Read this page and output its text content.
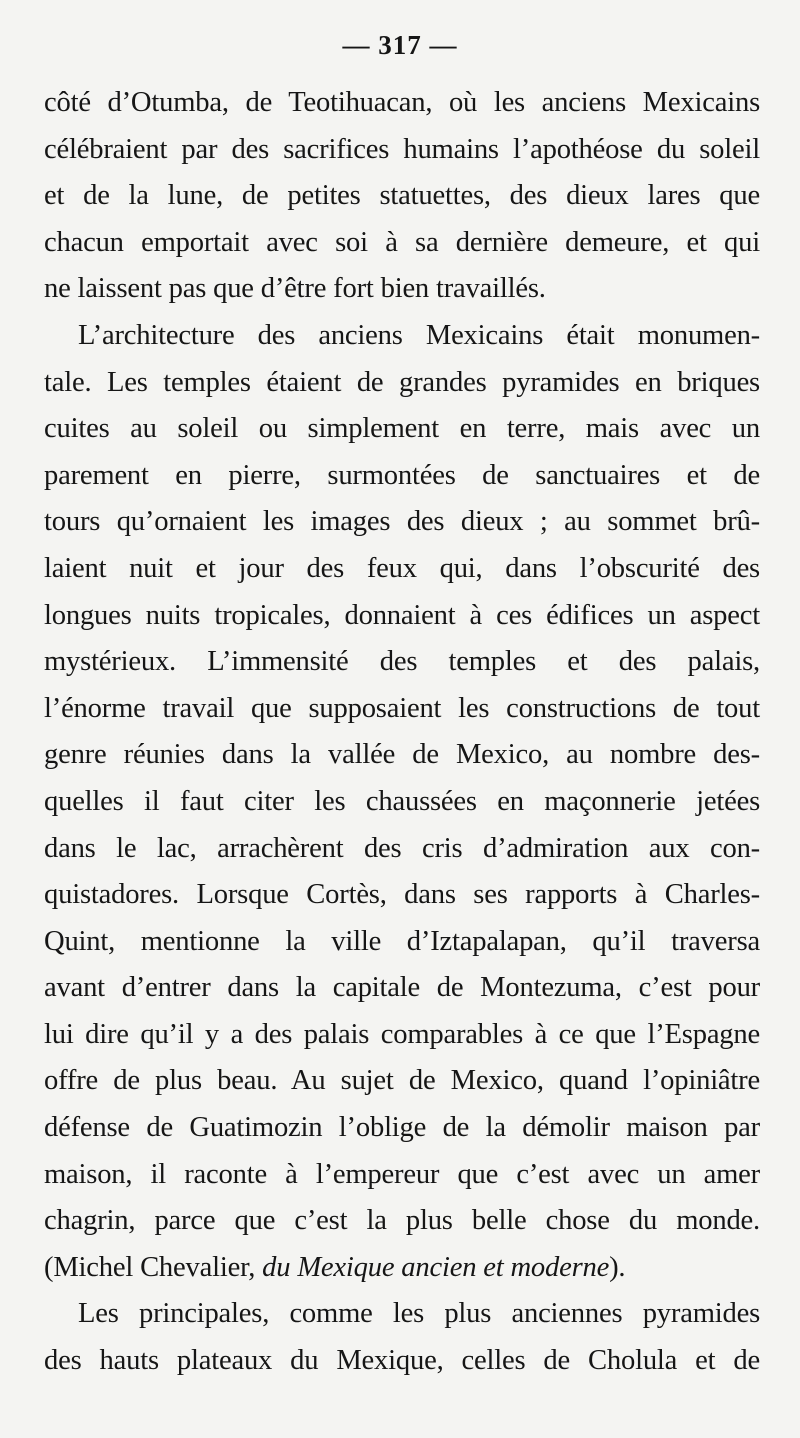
— 317 —
côté d’Otumba, de Teotihuacan, où les anciens Mexicains
célébraient par des sacrifices humains l’apothéose du soleil
et de la lune, de petites statuettes, des dieux lares que
chacun emportait avec soi à sa dernière demeure, et qui
ne laissent pas que d’être fort bien travaillés.
L’architecture des anciens Mexicains était monumen-
tale. Les temples étaient de grandes pyramides en briques
cuites au soleil ou simplement en terre, mais avec un
parement en pierre, surmontées de sanctuaires et de
tours qu’ornaient les images des dieux ; au sommet brû-
laient nuit et jour des feux qui, dans l’obscurité des
longues nuits tropicales, donnaient à ces édifices un aspect
mystérieux. L’immensité des temples et des palais,
l’énorme travail que supposaient les constructions de tout
genre réunies dans la vallée de Mexico, au nombre des-
quelles il faut citer les chaussées en maçonnerie jetées
dans le lac, arrachèrent des cris d’admiration aux con-
quistadores. Lorsque Cortès, dans ses rapports à Charles-
Quint, mentionne la ville d’Iztapalapan, qu’il traversa
avant d’entrer dans la capitale de Montezuma, c’est pour
lui dire qu’il y a des palais comparables à ce que l’Espagne
offre de plus beau. Au sujet de Mexico, quand l’opiniâtre
défense de Guatimozin l’oblige de la démolir maison par
maison, il raconte à l’empereur que c’est avec un amer
chagrin, parce que c’est la plus belle chose du monde.
(Michel Chevalier, du Mexique ancien et moderne).
Les principales, comme les plus anciennes pyramides
des hauts plateaux du Mexique, celles de Cholula et de
